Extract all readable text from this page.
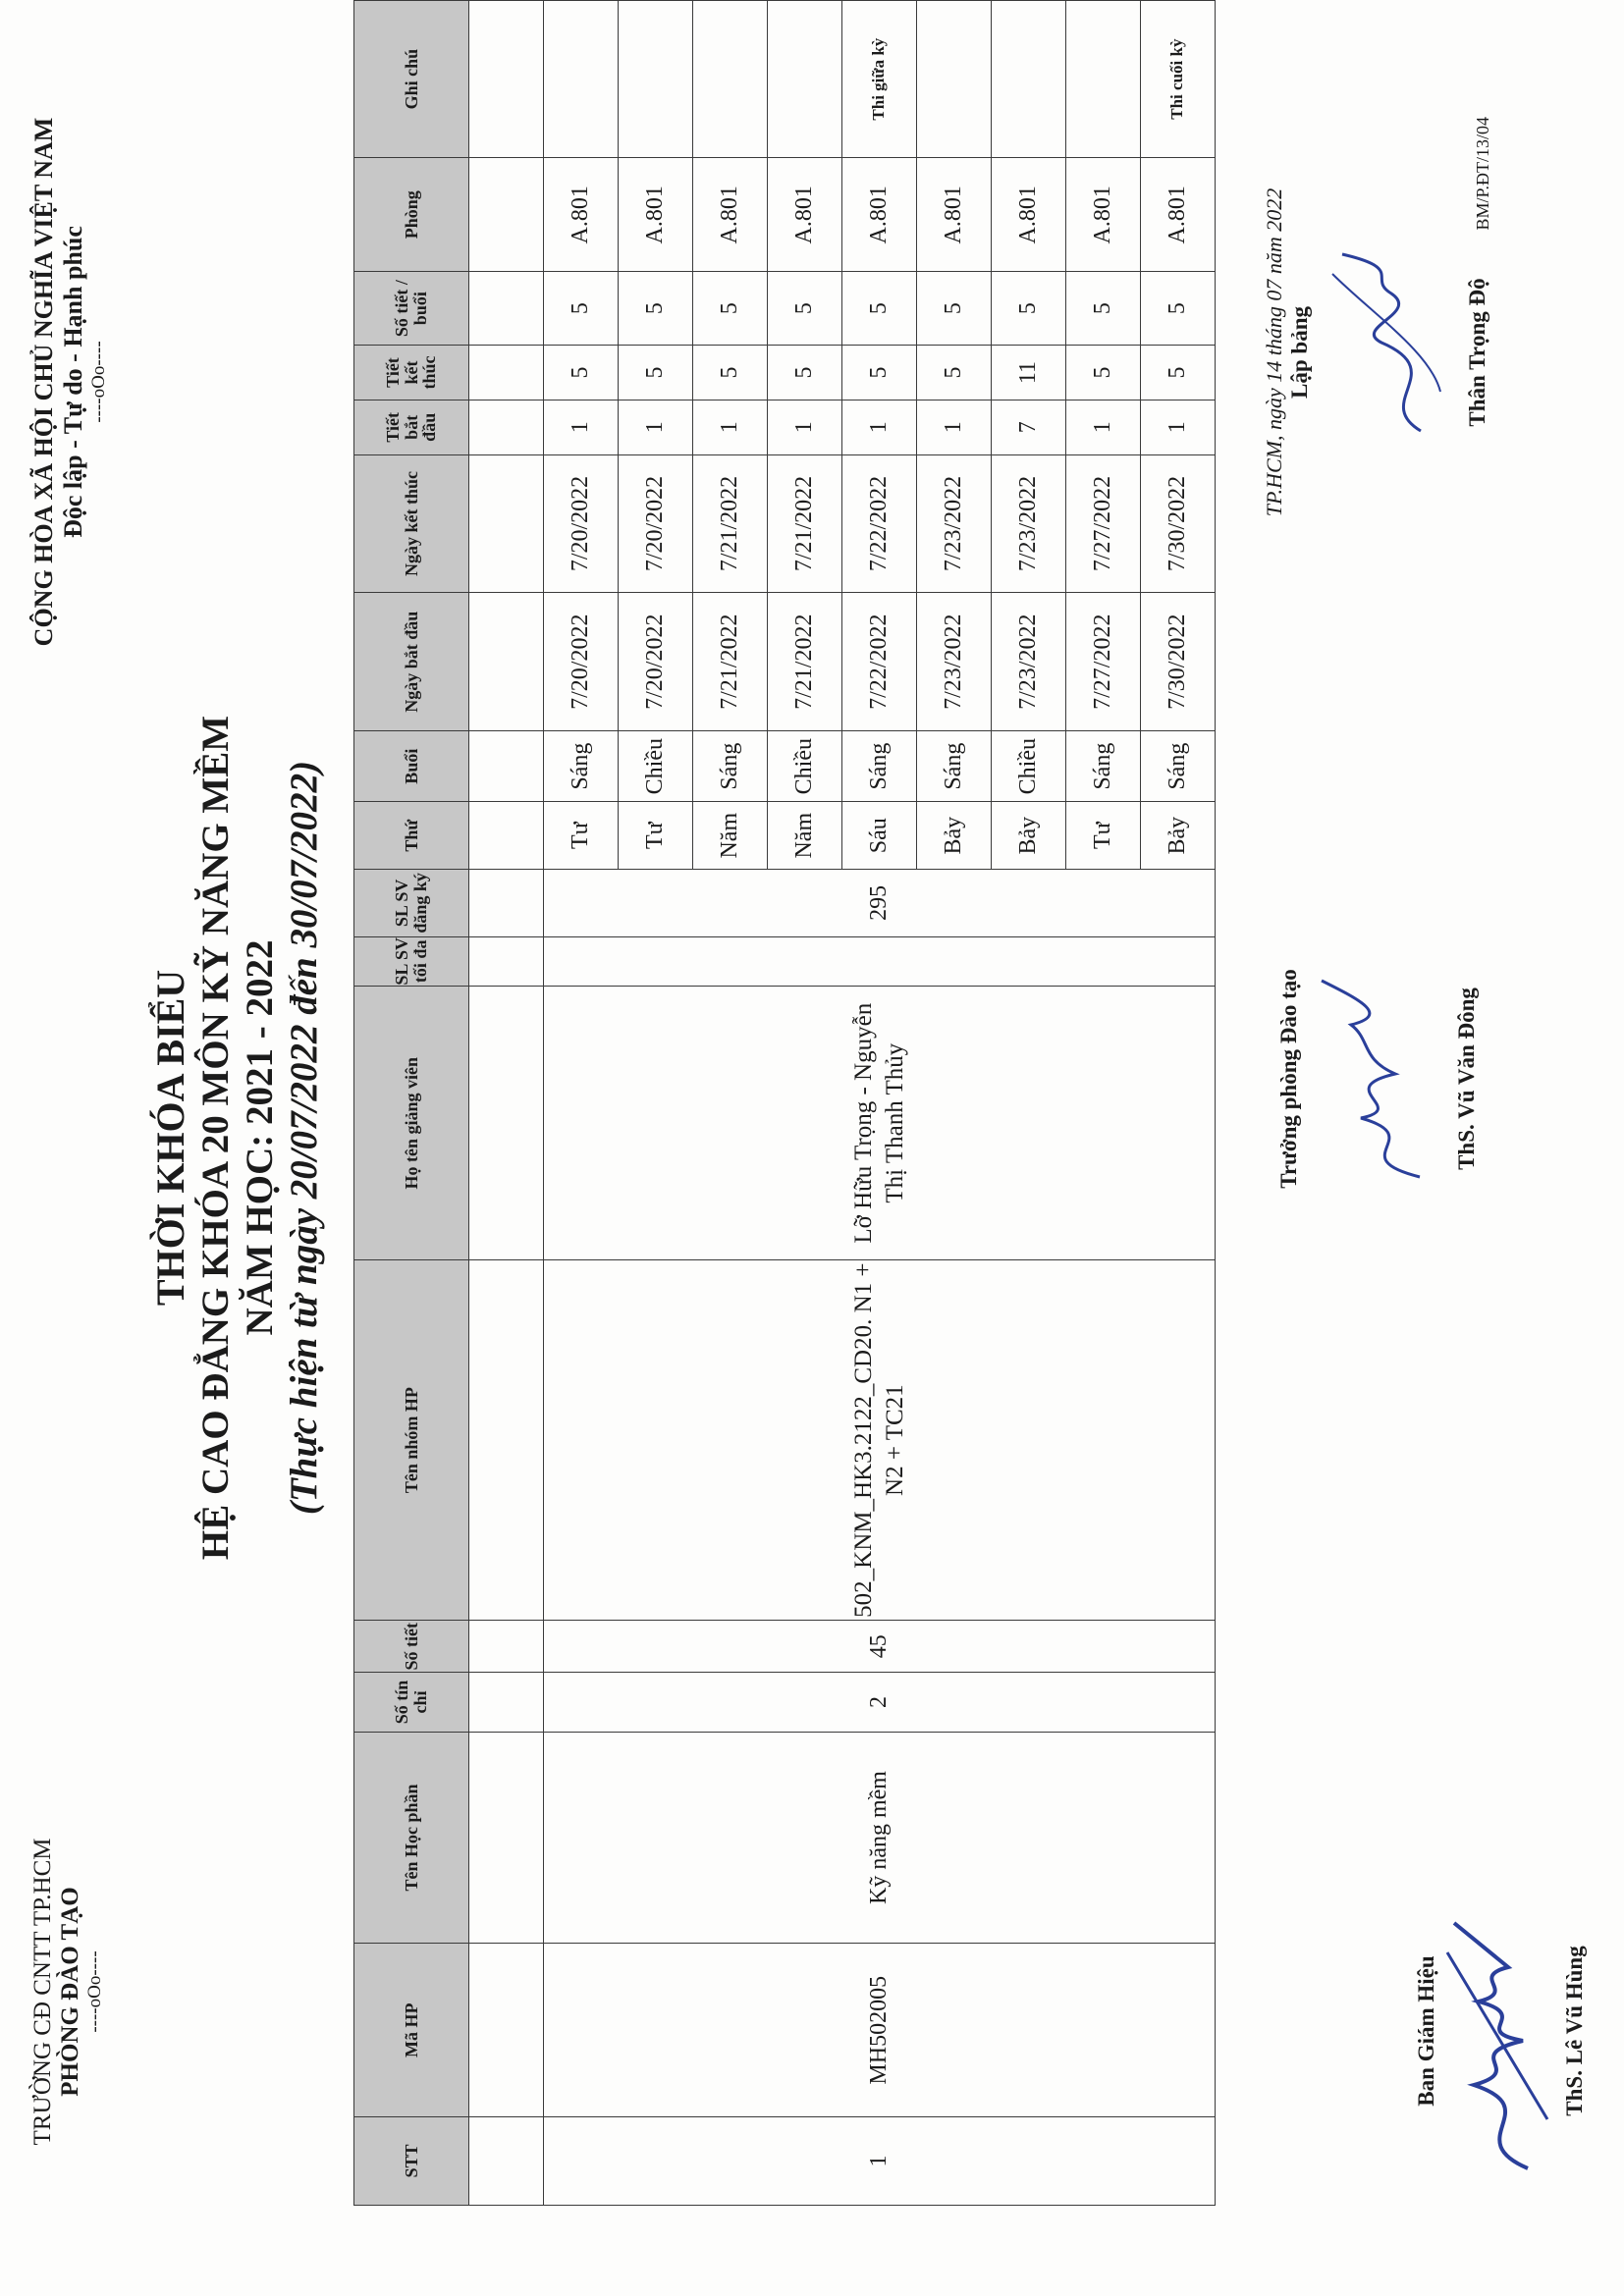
TRƯỜNG CĐ CNTT TP.HCM PHÒNG ĐÀO TẠO ----oOo----
CỘNG HÒA XÃ HỘI CHỦ NGHĨA VIỆT NAM Độc lập - Tự do - Hạnh phúc ----oOo----
THỜI KHÓA BIỂU HỆ CAO ĐẲNG KHÓA 20 MÔN KỸ NĂNG MỀM NĂM HỌC: 2021 - 2022 (Thực hiện từ ngày 20/07/2022 đến 30/07/2022)
STT	Mã HP	Tên Học phần	Số tín chỉ	Số tiết	Tên nhóm HP	Họ tên giảng viên	SL SV tối đa	SL SV đăng ký	Thứ	Buổi	Ngày bắt đầu	Ngày kết thúc	Tiết bắt đầu	Tiết kết thúc	Số tiết / buổi	Phòng	Ghi chú

1	MH502005	Kỹ năng mềm	2	45	502_KNM_HK3.2122_CD20. N1 + N2 + TC21	Lỡ Hữu Trọng - Nguyễn Thị Thanh Thủy		295	Tư	Sáng	7/20/2022	7/20/2022	1	5	5	A.801	
									Tư	Chiều	7/20/2022	7/20/2022	1	5	5	A.801	
									Năm	Sáng	7/21/2022	7/21/2022	1	5	5	A.801	
									Năm	Chiều	7/21/2022	7/21/2022	1	5	5	A.801	
									Sáu	Sáng	7/22/2022	7/22/2022	1	5	5	A.801	Thi giữa kỳ
									Bảy	Sáng	7/23/2022	7/23/2022	1	5	5	A.801	
									Bảy	Chiều	7/23/2022	7/23/2022	7	11	5	A.801	
									Tư	Sáng	7/27/2022	7/27/2022	1	5	5	A.801	
									Bảy	Sáng	7/30/2022	7/30/2022	1	5	5	A.801	Thi cuối kỳ
Ban Giám Hiệu	ThS. Lê Vũ Hùng
Trưởng phòng Đào tạo	ThS. Vũ Văn Đông
TP.HCM, ngày 14 tháng 07 năm 2022 Lập bảng	Thân Trọng Độ
BM/P.ĐT/13/04
